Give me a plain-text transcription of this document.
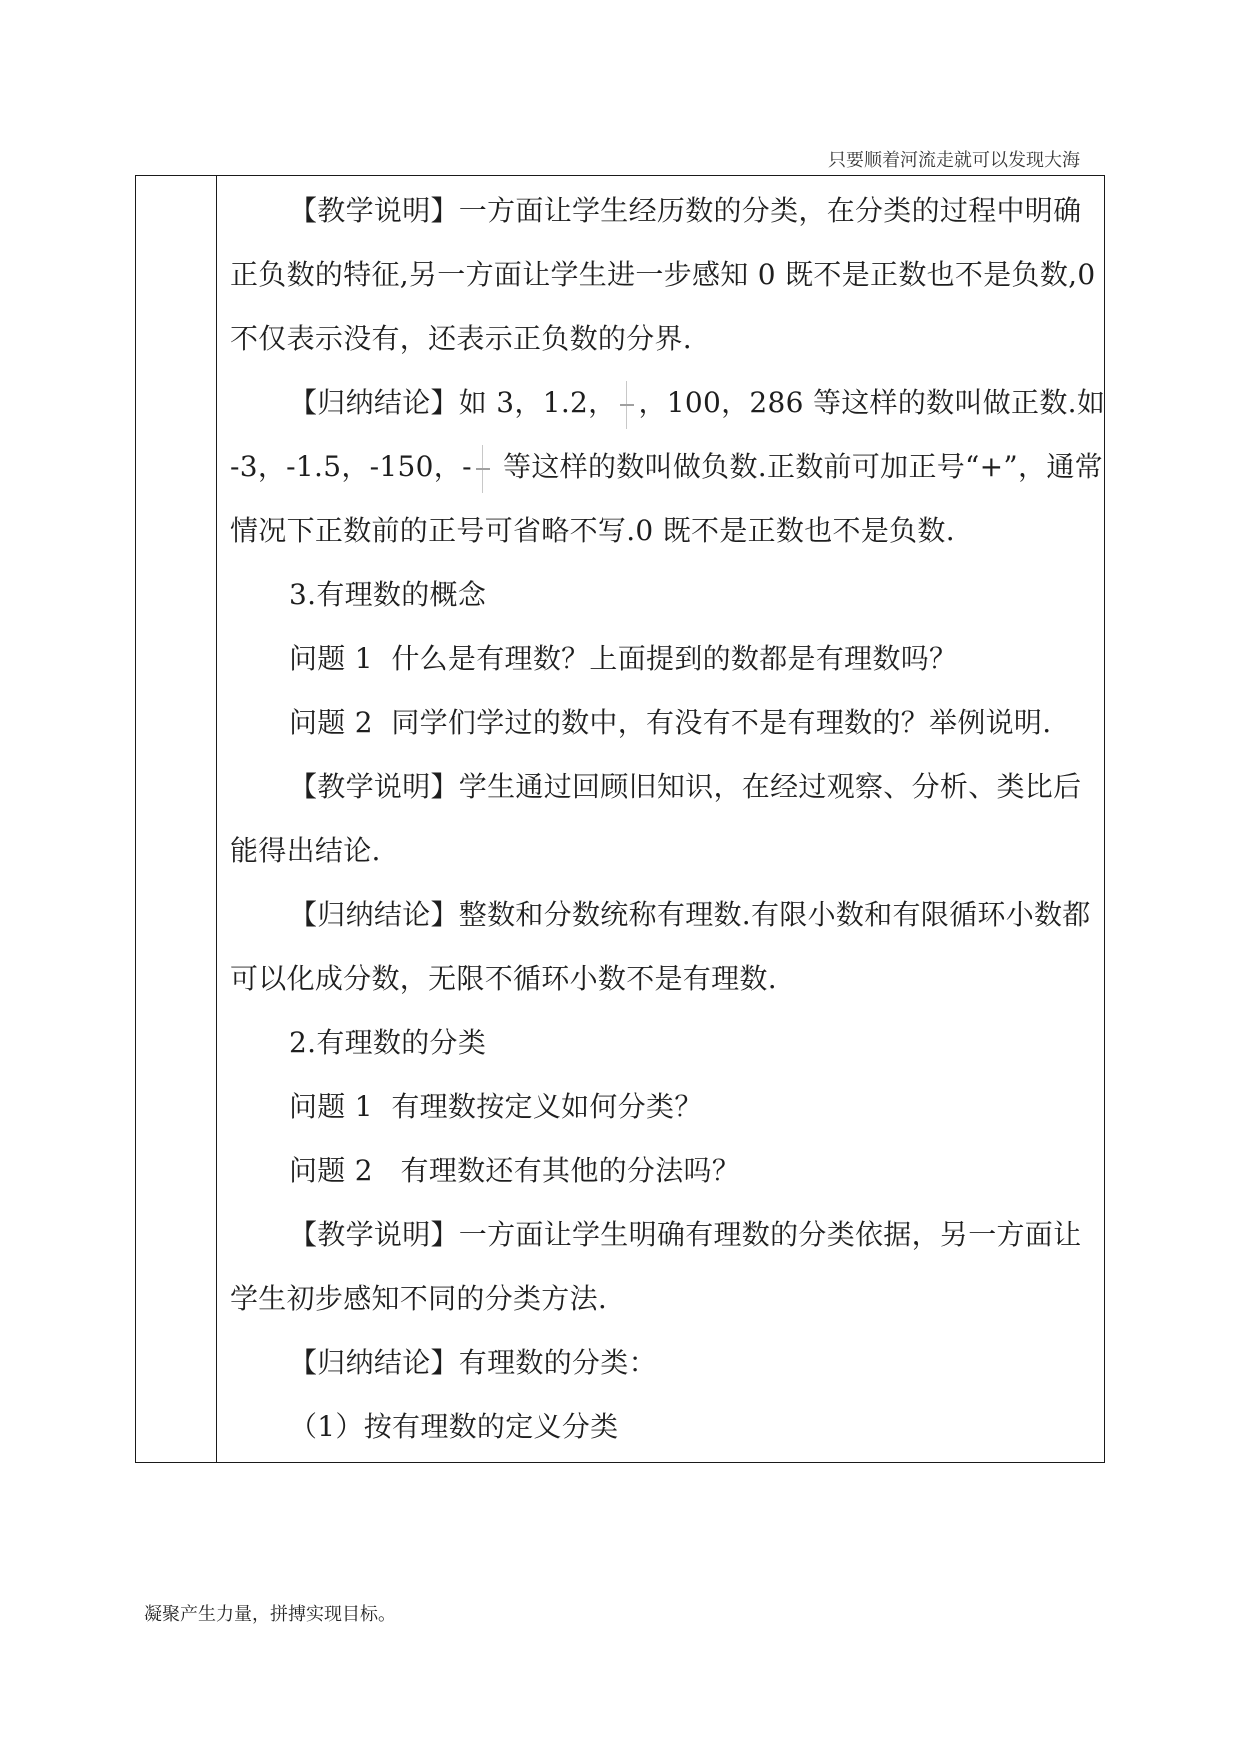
只要顺着河流走就可以发现大海
【教学说明】一方面让学生经历数的分类，在分类的过程中明确
正负数的特征,另一方面让学生进一步感知 0 既不是正数也不是负数,0
不仅表示没有，还表示正负数的分界.
【归纳结论】如 3，1.2， ，100，286 等这样的数叫做正数.如
-3，-1.5，-150，- 等这样的数叫做负数.正数前可加正号“+”，通常
情况下正数前的正号可省略不写.0 既不是正数也不是负数.
3.有理数的概念
问题 1  什么是有理数？上面提到的数都是有理数吗？
问题 2  同学们学过的数中，有没有不是有理数的？举例说明.
【教学说明】学生通过回顾旧知识，在经过观察、分析、类比后
能得出结论.
【归纳结论】整数和分数统称有理数.有限小数和有限循环小数都
可以化成分数，无限不循环小数不是有理数.
2.有理数的分类
问题 1  有理数按定义如何分类？
问题 2   有理数还有其他的分法吗？
【教学说明】一方面让学生明确有理数的分类依据，另一方面让
学生初步感知不同的分类方法.
【归纳结论】有理数的分类：
（1）按有理数的定义分类
凝聚产生力量，拼搏实现目标。
